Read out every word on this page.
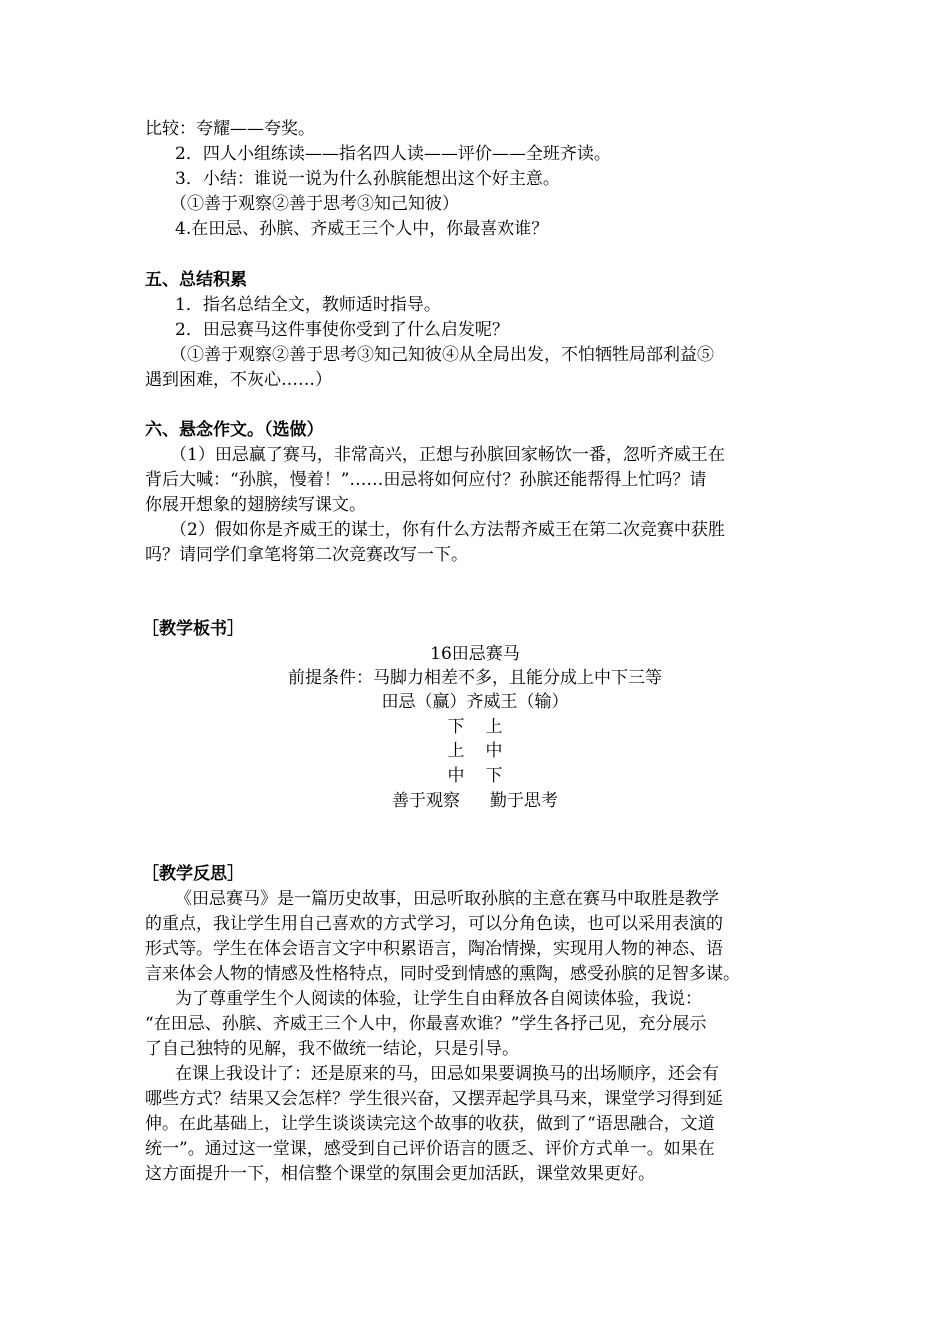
比较：夸耀——夸奖。
2．四人小组练读——指名四人读——评价——全班齐读。
3．小结：谁说一说为什么孙膑能想出这个好主意。
（①善于观察②善于思考③知己知彼）
4.在田忌、孙膑、齐威王三个人中，你最喜欢谁？
五、总结积累
1．指名总结全文，教师适时指导。
2．田忌赛马这件事使你受到了什么启发呢？
（①善于观察②善于思考③知己知彼④从全局出发，不怕牺牲局部利益⑤
遇到困难，不灰心……）
六、悬念作文。（选做）
（1）田忌赢了赛马，非常高兴，正想与孙膑回家畅饮一番，忽听齐威王在
背后大喊：“孙膑，慢着！”……田忌将如何应付？孙膑还能帮得上忙吗？请
你展开想象的翅膀续写课文。
（2）假如你是齐威王的谋士，你有什么方法帮齐威王在第二次竞赛中获胜
吗？请同学们拿笔将第二次竞赛改写一下。
［教学板书］
16田忌赛马
前提条件：马脚力相差不多，且能分成上中下三等
田忌（赢）齐威王（输）
下 上
上 中
中 下
善于观察 勤于思考
［教学反思］
《田忌赛马》是一篇历史故事，田忌听取孙膑的主意在赛马中取胜是教学
的重点，我让学生用自己喜欢的方式学习，可以分角色读，也可以采用表演的
形式等。学生在体会语言文字中积累语言，陶冶情操，实现用人物的神态、语
言来体会人物的情感及性格特点，同时受到情感的熏陶，感受孙膑的足智多谋。
为了尊重学生个人阅读的体验，让学生自由释放各自阅读体验，我说：
“在田忌、孙膑、齐威王三个人中，你最喜欢谁？”学生各抒己见，充分展示
了自己独特的见解，我不做统一结论，只是引导。
在课上我设计了：还是原来的马，田忌如果要调换马的出场顺序，还会有
哪些方式？结果又会怎样？学生很兴奋，又摆弄起学具马来，课堂学习得到延
伸。在此基础上，让学生谈谈读完这个故事的收获，做到了“语思融合，文道
统一”。通过这一堂课，感受到自己评价语言的匮乏、评价方式单一。如果在
这方面提升一下，相信整个课堂的氛围会更加活跃，课堂效果更好。
